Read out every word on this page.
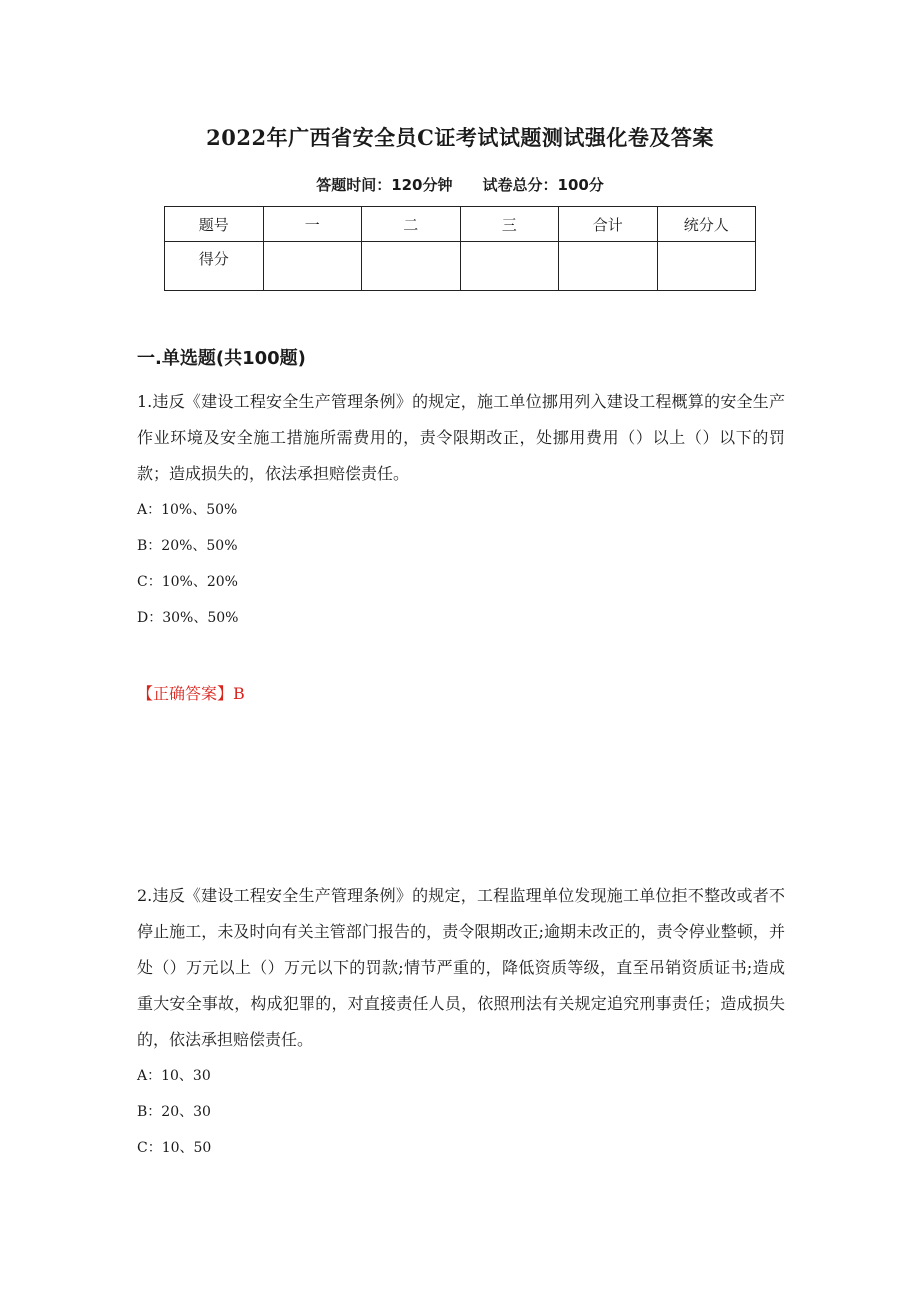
2022年广西省安全员C证考试试题测试强化卷及答案
答题时间：120分钟 试卷总分：100分
题号	一	二	三	合计	统分人
得分					
一.单选题(共100题)
1.违反《建设工程安全生产管理条例》的规定，施工单位挪用列入建设工程概算的安全生产作业环境及安全施工措施所需费用的，责令限期改正，处挪用费用（）以上（）以下的罚款；造成损失的，依法承担赔偿责任。
A：10%、50%
B：20%、50%
C：10%、20%
D：30%、50%
【正确答案】B
2.违反《建设工程安全生产管理条例》的规定，工程监理单位发现施工单位拒不整改或者不停止施工，未及时向有关主管部门报告的，责令限期改正;逾期未改正的，责令停业整顿，并处（）万元以上（）万元以下的罚款;情节严重的，降低资质等级，直至吊销资质证书;造成重大安全事故，构成犯罪的，对直接责任人员，依照刑法有关规定追究刑事责任；造成损失的，依法承担赔偿责任。
A：10、30
B：20、30
C：10、50
